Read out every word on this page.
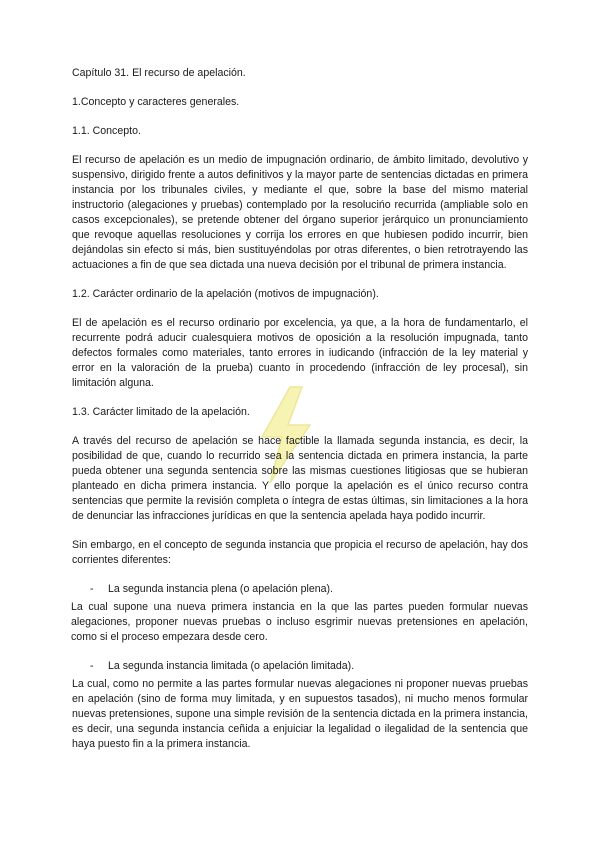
Capítulo 31. El recurso de apelación.

1.Concepto y caracteres generales.

1.1. Concepto.

El recurso de apelación es un medio de impugnación ordinario, de ámbito limitado, devolutivo y suspensivo, dirigido frente a autos definitivos y la mayor parte de sentencias dictadas en primera instancia por los tribunales civiles, y mediante el que, sobre la base del mismo material instructorio (alegaciones y pruebas) contemplado por la resolucińo recurrida (ampliable solo en casos excepcionales), se pretende obtener del órgano superior jerárquico un pronunciamiento que revoque aquellas resoluciones y corrija los errores en que hubiesen podido incurrir, bien dejándolas sin efecto si más, bien sustituyéndolas por otras diferentes, o bien retrotrayendo las actuaciones a fin de que sea dictada una nueva decisión por el tribunal de primera instancia.

1.2. Carácter ordinario de la apelación (motivos de impugnación).

El de apelación es el recurso ordinario por excelencia, ya que, a la hora de fundamentarlo, el recurrente podrá aducir cualesquiera motivos de oposición a la resolución impugnada, tanto defectos formales como materiales, tanto errores in iudicando (infracción de la ley material y error en la valoración de la prueba) cuanto in procedendo (infracción de ley procesal), sin limitación alguna.

1.3. Carácter limitado de la apelación.

A través del recurso de apelación se hace factible la llamada segunda instancia, es decir, la posibilidad de que, cuando lo recurrido sea la sentencia dictada en primera instancia, la parte pueda obtener una segunda sentencia sobre las mismas cuestiones litigiosas que se hubieran planteado en dicha primera instancia. Y ello porque la apelación es el único recurso contra sentencias que permite la revisión completa o íntegra de estas últimas, sin limitaciones a la hora de denunciar las infracciones jurídicas en que la sentencia apelada haya podido incurrir.

Sin embargo, en el concepto de segunda instancia que propicia el recurso de apelación, hay dos corrientes diferentes:

-	La segunda instancia plena (o apelación plena).

La cual supone una nueva primera instancia en la que las partes pueden formular nuevas alegaciones, proponer nuevas pruebas o incluso esgrimir nuevas pretensiones en apelación, como si el proceso empezara desde cero.

-	La segunda instancia limitada (o apelación limitada).

La cual, como no permite a las partes formular nuevas alegaciones ni proponer nuevas pruebas en apelación (sino de forma muy limitada, y en supuestos tasados), ni mucho menos formular nuevas pretensiones, supone una simple revisión de la sentencia dictada en la primera instancia, es decir, una segunda instancia ceñida a enjuiciar la legalidad o ilegalidad de la sentencia que haya puesto fin a la primera instancia.
